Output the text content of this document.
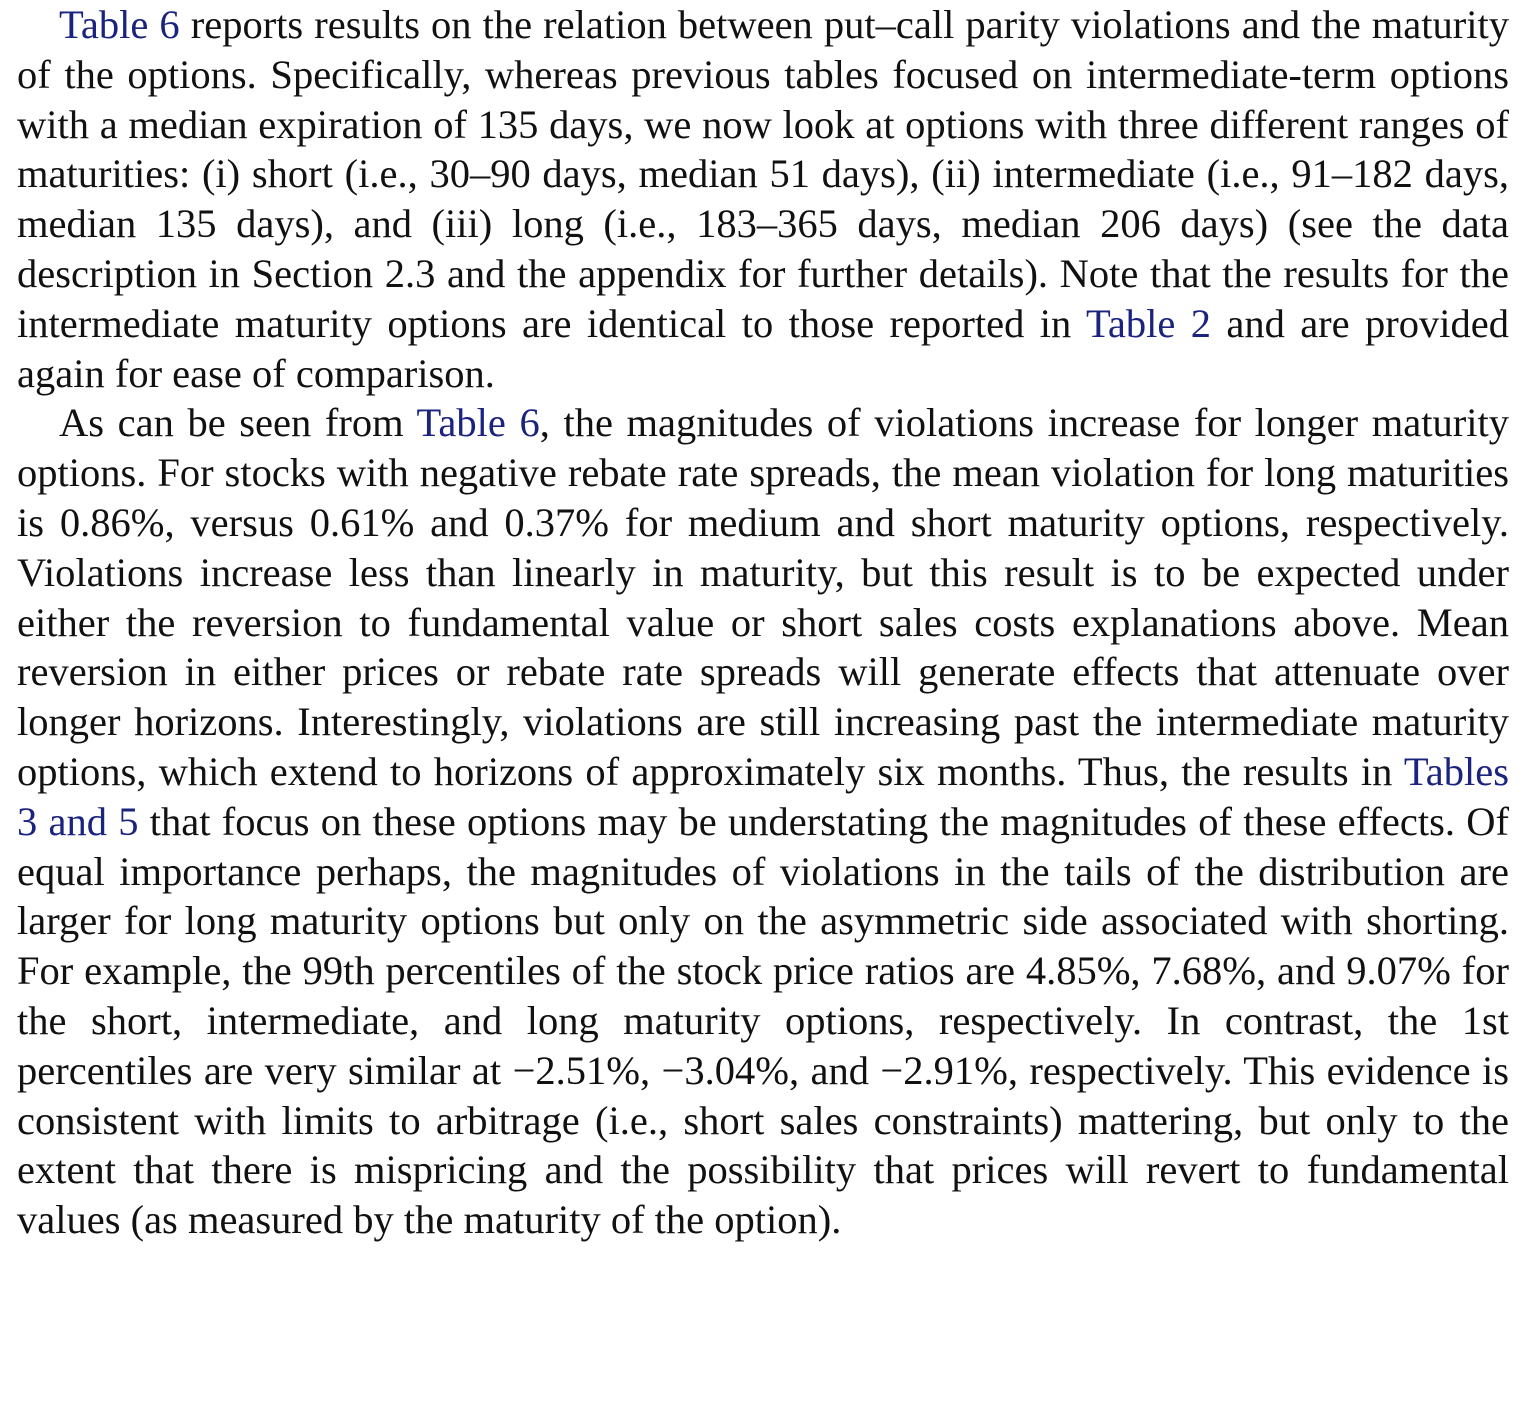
Table 6 reports results on the relation between put–call parity violations and the maturity of the options. Specifically, whereas previous tables focused on intermediate-term options with a median expiration of 135 days, we now look at options with three different ranges of maturities: (i) short (i.e., 30–90 days, median 51 days), (ii) intermediate (i.e., 91–182 days, median 135 days), and (iii) long (i.e., 183–365 days, median 206 days) (see the data description in Section 2.3 and the appendix for further details). Note that the results for the intermediate maturity options are identical to those reported in Table 2 and are provided again for ease of comparison.

As can be seen from Table 6, the magnitudes of violations increase for longer maturity options. For stocks with negative rebate rate spreads, the mean violation for long maturities is 0.86%, versus 0.61% and 0.37% for medium and short maturity options, respectively. Violations increase less than linearly in maturity, but this result is to be expected under either the reversion to fundamental value or short sales costs explanations above. Mean reversion in either prices or rebate rate spreads will generate effects that attenuate over longer horizons. Interestingly, violations are still increasing past the intermediate maturity options, which extend to horizons of approximately six months. Thus, the results in Tables 3 and 5 that focus on these options may be understating the magnitudes of these effects. Of equal importance perhaps, the magnitudes of violations in the tails of the distribution are larger for long maturity options but only on the asymmetric side associated with shorting. For example, the 99th percentiles of the stock price ratios are 4.85%, 7.68%, and 9.07% for the short, intermediate, and long maturity options, respectively. In contrast, the 1st percentiles are very similar at −2.51%, −3.04%, and −2.91%, respectively. This evidence is consistent with limits to arbitrage (i.e., short sales constraints) mattering, but only to the extent that there is mispricing and the possibility that prices will revert to fundamental values (as measured by the maturity of the option).
